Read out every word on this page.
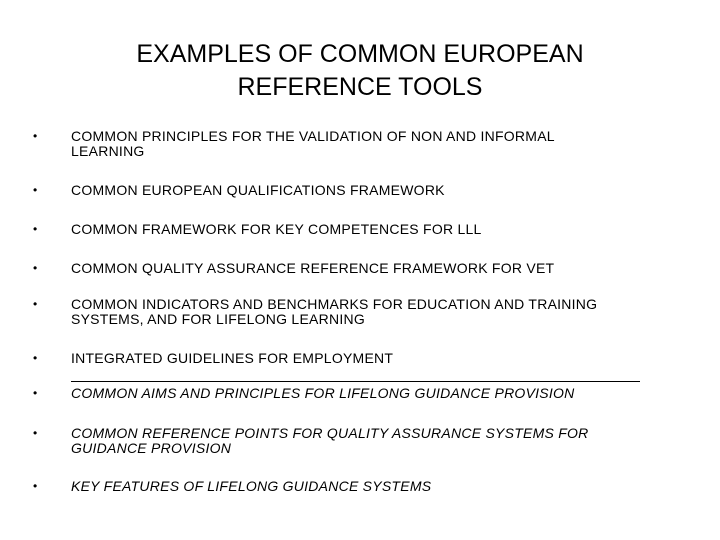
EXAMPLES OF COMMON EUROPEAN
REFERENCE TOOLS
• COMMON PRINCIPLES FOR THE VALIDATION OF NON AND INFORMAL
LEARNING
• COMMON EUROPEAN QUALIFICATIONS FRAMEWORK
• COMMON FRAMEWORK FOR KEY COMPETENCES FOR LLL
• COMMON QUALITY ASSURANCE REFERENCE FRAMEWORK FOR VET
• COMMON INDICATORS AND BENCHMARKS FOR EDUCATION AND TRAINING
SYSTEMS, AND FOR LIFELONG LEARNING
• INTEGRATED GUIDELINES FOR EMPLOYMENT
• COMMON AIMS AND PRINCIPLES FOR LIFELONG GUIDANCE PROVISION
• COMMON REFERENCE POINTS FOR QUALITY ASSURANCE SYSTEMS FOR
GUIDANCE PROVISION
• KEY FEATURES OF LIFELONG GUIDANCE SYSTEMS
